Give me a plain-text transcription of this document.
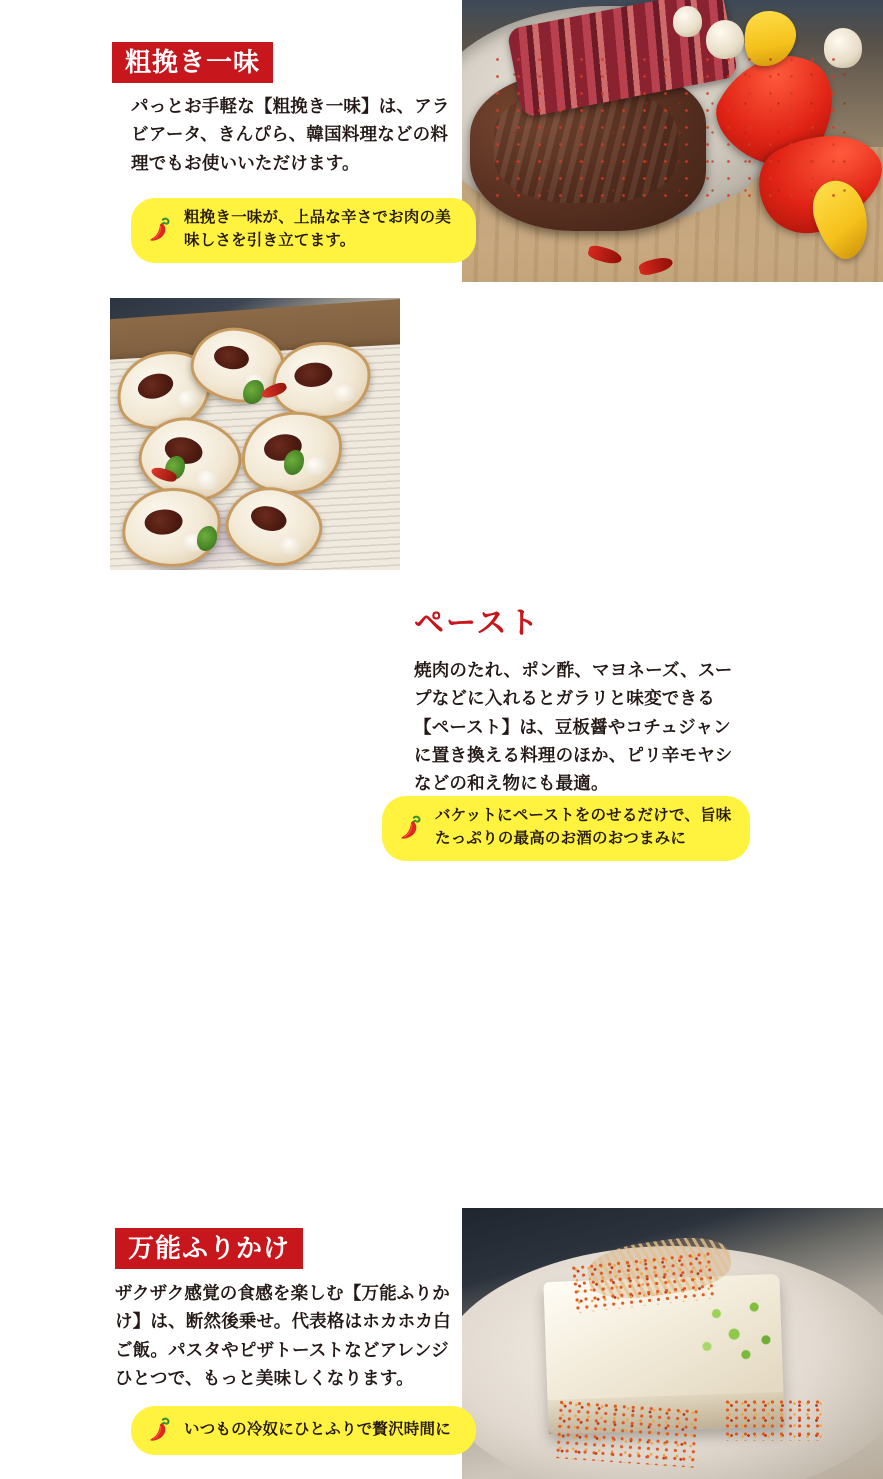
粗挽き一味
パっとお手軽な【粗挽き一味】は、アラビアータ、きんぴら、韓国料理などの料理でもお使いいただけます。
粗挽き一味が、上品な辛さでお肉の美味しさを引き立てます。
ペースト
焼肉のたれ、ポン酢、マヨネーズ、スープなどに入れるとガラリと味変できる【ペースト】は、豆板醤やコチュジャンに置き換える料理のほか、ピリ辛モヤシなどの和え物にも最適。
バケットにペーストをのせるだけで、旨味たっぷりの最高のお酒のおつまみに
万能ふりかけ
ザクザク感覚の食感を楽しむ【万能ふりかけ】は、断然後乗せ。代表格はホカホカ白ご飯。パスタやピザトーストなどアレンジひとつで、もっと美味しくなります。
いつもの冷奴にひとふりで贅沢時間に
